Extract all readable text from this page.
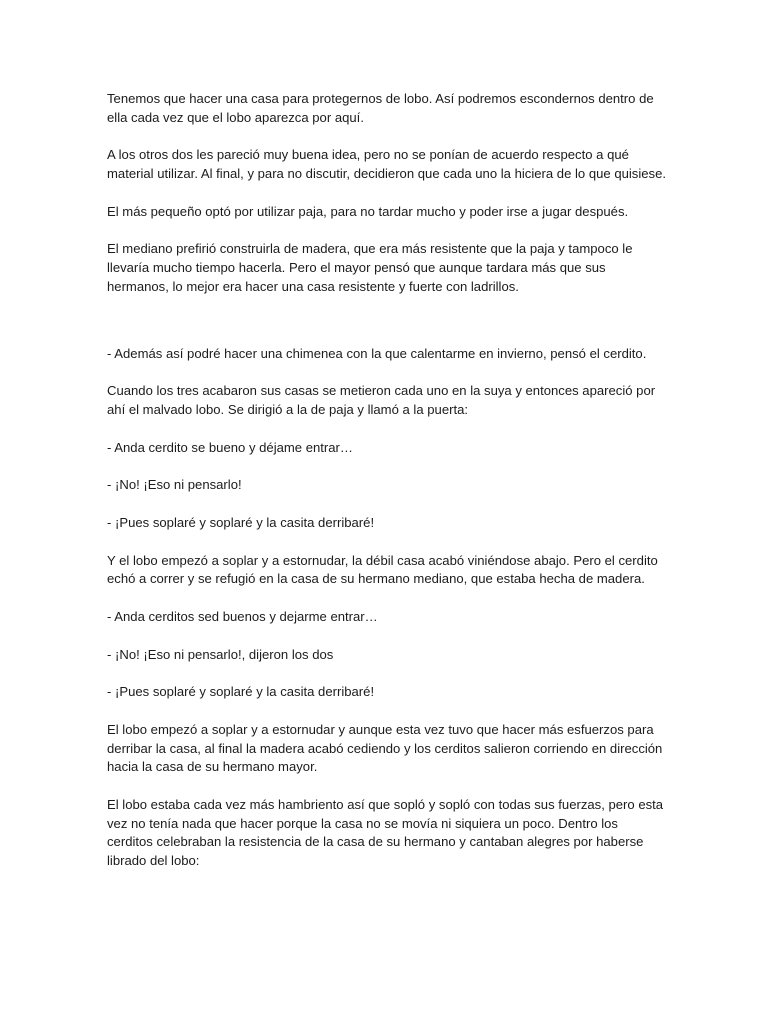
Tenemos que hacer una casa para protegernos de lobo. Así podremos escondernos dentro de ella cada vez que el lobo aparezca por aquí.

A los otros dos les pareció muy buena idea, pero no se ponían de acuerdo respecto a qué material utilizar. Al final, y para no discutir, decidieron que cada uno la hiciera de lo que quisiese.

El más pequeño optó por utilizar paja, para no tardar mucho y poder irse a jugar después.

El mediano prefirió construirla de madera, que era más resistente que la paja y tampoco le llevaría mucho tiempo hacerla. Pero el mayor pensó que aunque tardara más que sus hermanos, lo mejor era hacer una casa resistente y fuerte con ladrillos.

- Además así podré hacer una chimenea con la que calentarme en invierno, pensó el cerdito.

Cuando los tres acabaron sus casas se metieron cada uno en la suya y entonces apareció por ahí el malvado lobo. Se dirigió a la de paja y llamó a la puerta:

- Anda cerdito se bueno y déjame entrar…

- ¡No! ¡Eso ni pensarlo!

- ¡Pues soplaré y soplaré y la casita derribaré!

Y el lobo empezó a soplar y a estornudar, la débil casa acabó viniéndose abajo. Pero el cerdito echó a correr y se refugió en la casa de su hermano mediano, que estaba hecha de madera.

- Anda cerditos sed buenos y dejarme entrar…

- ¡No! ¡Eso ni pensarlo!, dijeron los dos

- ¡Pues soplaré y soplaré y la casita derribaré!

El lobo empezó a soplar y a estornudar y aunque esta vez tuvo que hacer más esfuerzos para derribar la casa, al final la madera acabó cediendo y los cerditos salieron corriendo en dirección hacia la casa de su hermano mayor.

El lobo estaba cada vez más hambriento así que sopló y sopló con todas sus fuerzas, pero esta vez no tenía nada que hacer porque la casa no se movía ni siquiera un poco. Dentro los cerditos celebraban la resistencia de la casa de su hermano y cantaban alegres por haberse librado del lobo:
